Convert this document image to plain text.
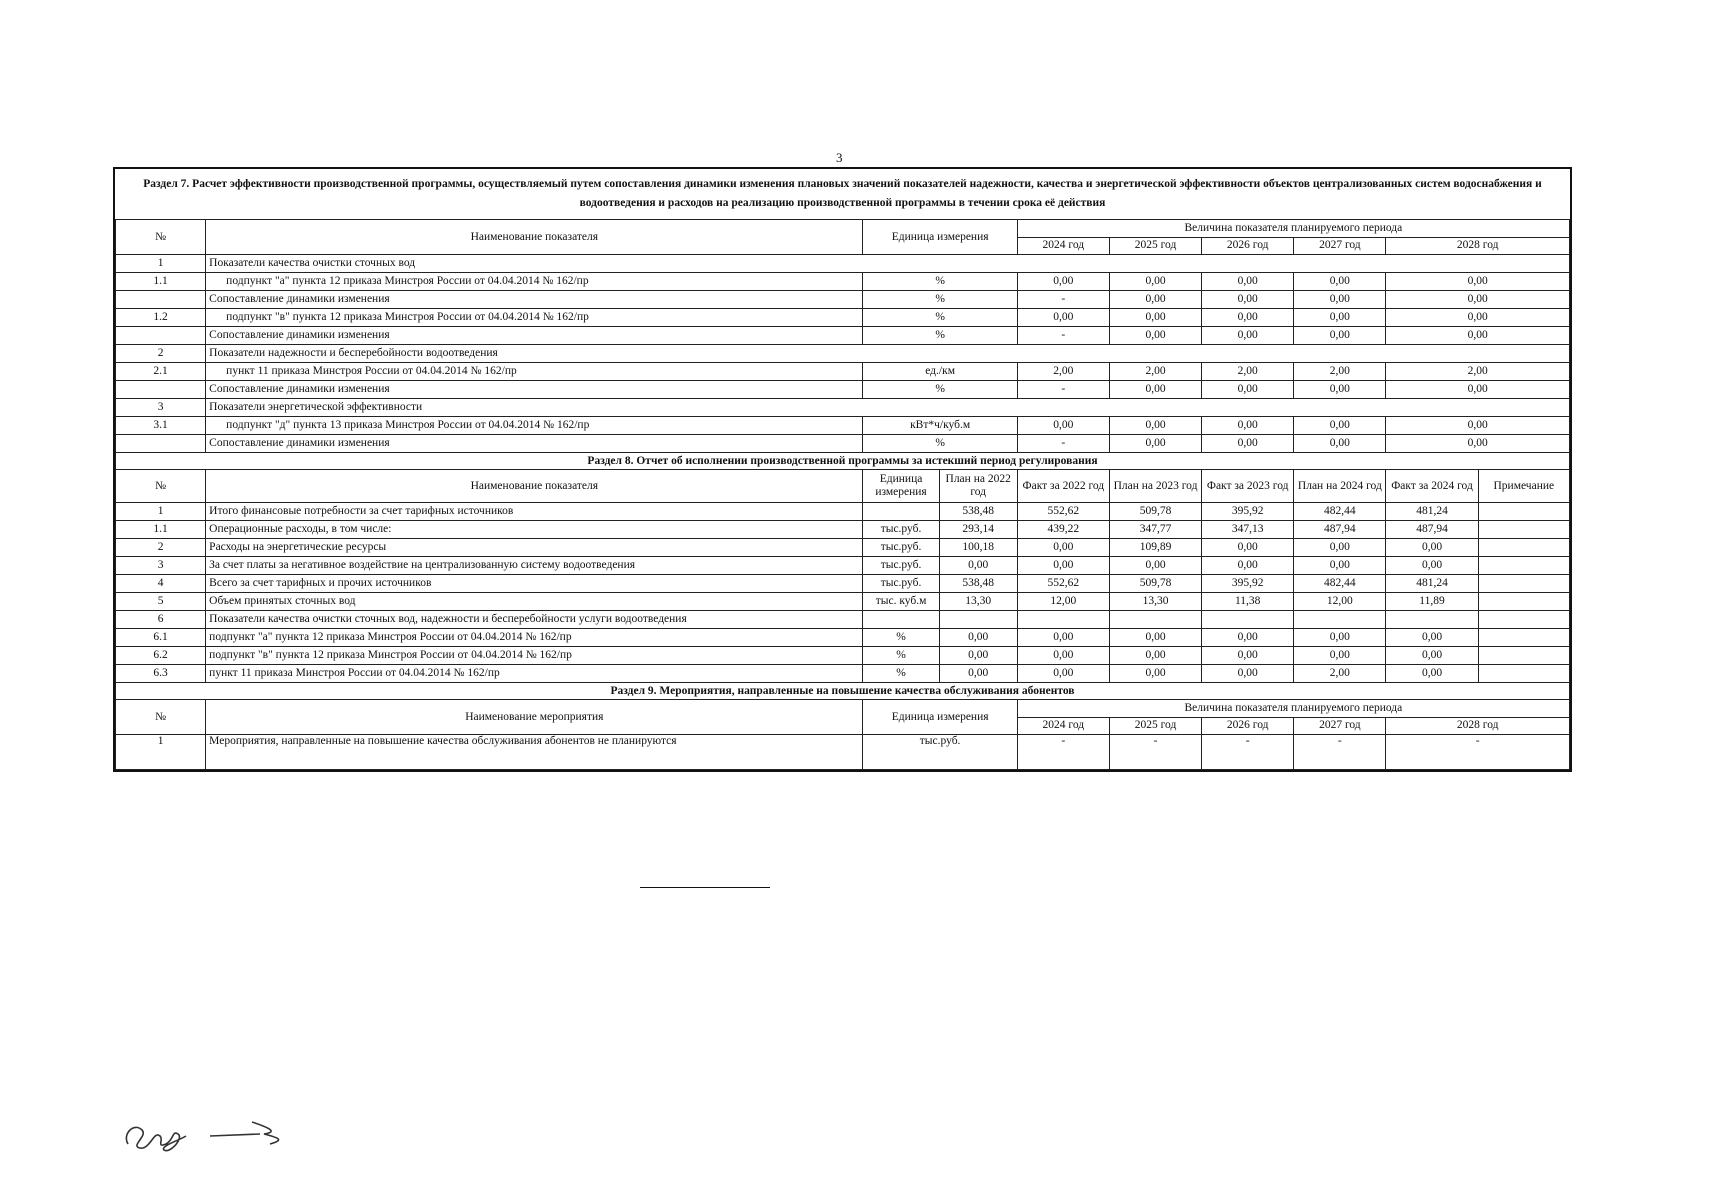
3
Раздел 7. Расчет эффективности производственной программы, осуществляемый путем сопоставления динамики изменения плановых значений показателей надежности, качества и энергетической эффективности объектов централизованных систем водоснабжения и водоотведения и расходов на реализацию производственной программы в течении срока её действия									
№	Наименование показателя	Единица измерения		Величина показателя планируемого периода					
				2024 год	2025 год	2026 год	2027 год	2028 год	
1	Показатели качества очистки сточных вод								
1.1	подпункт "а" пункта 12 приказа Минстроя России от 04.04.2014 № 162/пр	%		0,00	0,00	0,00	0,00	0,00	
	Сопоставление динамики изменения	%		-	0,00	0,00	0,00	0,00	
1.2	подпункт "в" пункта 12 приказа Минстроя России от 04.04.2014 № 162/пр	%		0,00	0,00	0,00	0,00	0,00	
	Сопоставление динамики изменения	%		-	0,00	0,00	0,00	0,00	
2	Показатели надежности и бесперебойности водоотведения								
2.1	пункт 11 приказа Минстроя России от 04.04.2014 № 162/пр	ед./км		2,00	2,00	2,00	2,00	2,00	
	Сопоставление динамики изменения	%		-	0,00	0,00	0,00	0,00	
3	Показатели энергетической эффективности								
3.1	подпункт "д" пункта 13 приказа Минстроя России от 04.04.2014 № 162/пр	кВт*ч/куб.м		0,00	0,00	0,00	0,00	0,00	
	Сопоставление динамики изменения	%		-	0,00	0,00	0,00	0,00	
Раздел 8. Отчет об исполнении производственной программы за истекший период регулирования									
№	Наименование показателя	Единица измерения	План на 2022 год	Факт за 2022 год	План на 2023 год	Факт за 2023 год	План на 2024 год	Факт за 2024 год	Примечание
1	Итого финансовые потребности за счет тарифных источников		538,48	552,62	509,78	395,92	482,44	481,24	
1.1	Операционные расходы, в том числе:	тыс.руб.	293,14	439,22	347,77	347,13	487,94	487,94	
2	Расходы на энергетические ресурсы	тыс.руб.	100,18	0,00	109,89	0,00	0,00	0,00	
3	За счет платы за негативное воздействие на централизованную систему водоотведения	тыс.руб.	0,00	0,00	0,00	0,00	0,00	0,00	
4	Всего за счет тарифных и прочих источников	тыс.руб.	538,48	552,62	509,78	395,92	482,44	481,24	
5	Объем принятых сточных вод	тыс. куб.м	13,30	12,00	13,30	11,38	12,00	11,89	
6	Показатели качества очистки сточных вод, надежности и бесперебойности услуги водоотведения								
6.1	подпункт "а" пункта 12 приказа Минстроя России от 04.04.2014 № 162/пр	%	0,00	0,00	0,00	0,00	0,00	0,00	
6.2	подпункт "в" пункта 12 приказа Минстроя России от 04.04.2014 № 162/пр	%	0,00	0,00	0,00	0,00	0,00	0,00	
6.3	пункт 11 приказа Минстроя России от 04.04.2014 № 162/пр	%	0,00	0,00	0,00	0,00	2,00	0,00	
Раздел 9. Мероприятия, направленные на повышение качества обслуживания абонентов									
№	Наименование мероприятия	Единица измерения		Величина показателя планируемого периода					
				2024 год	2025 год	2026 год	2027 год	2028 год	
1	Мероприятия, направленные на повышение качества обслуживания абонентов не планируются	тыс.руб.		-	-	-	-	-	
